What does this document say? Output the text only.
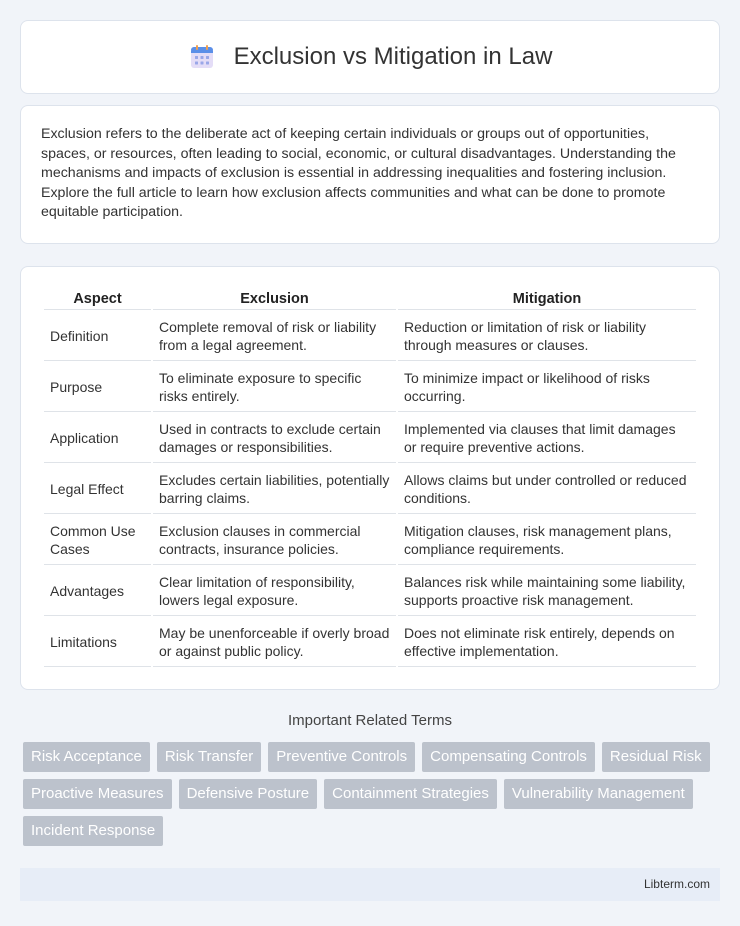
Exclusion vs Mitigation in Law

Exclusion refers to the deliberate act of keeping certain individuals or groups out of opportunities, spaces, or resources, often leading to social, economic, or cultural disadvantages. Understanding the mechanisms and impacts of exclusion is essential in addressing inequalities and fostering inclusion. Explore the full article to learn how exclusion affects communities and what can be done to promote equitable participation.

Aspect	Exclusion	Mitigation
Definition	Complete removal of risk or liability from a legal agreement.	Reduction or limitation of risk or liability through measures or clauses.
Purpose	To eliminate exposure to specific risks entirely.	To minimize impact or likelihood of risks occurring.
Application	Used in contracts to exclude certain damages or responsibilities.	Implemented via clauses that limit damages or require preventive actions.
Legal Effect	Excludes certain liabilities, potentially barring claims.	Allows claims but under controlled or reduced conditions.
Common Use Cases	Exclusion clauses in commercial contracts, insurance policies.	Mitigation clauses, risk management plans, compliance requirements.
Advantages	Clear limitation of responsibility, lowers legal exposure.	Balances risk while maintaining some liability, supports proactive risk management.
Limitations	May be unenforceable if overly broad or against public policy.	Does not eliminate risk entirely, depends on effective implementation.
Important Related Terms
Risk Acceptance	Risk Transfer	Preventive Controls	Compensating Controls	Residual Risk
Proactive Measures	Defensive Posture	Containment Strategies	Vulnerability Management
Incident Response
Libterm.com
